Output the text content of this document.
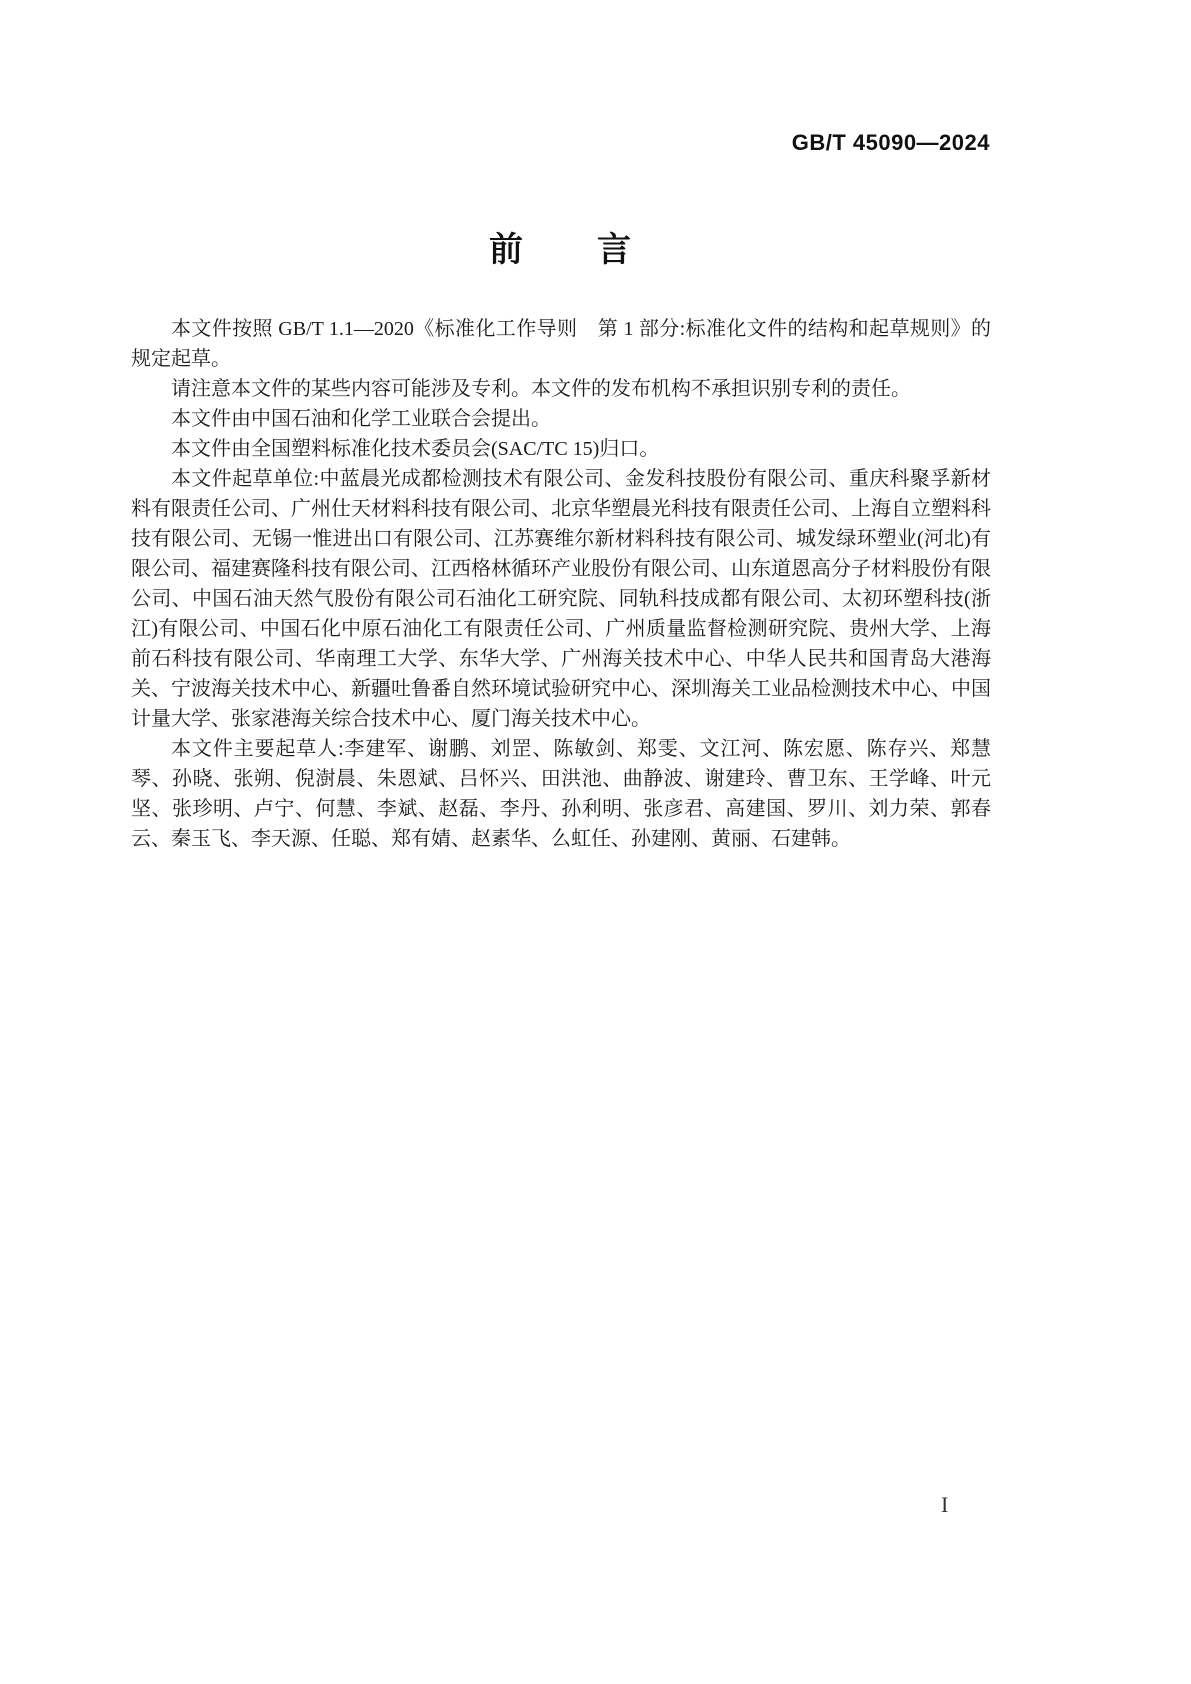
GB/T 45090—2024
前　　言

本文件按照 GB/T 1.1—2020《标准化工作导则　第 1 部分:标准化文件的结构和起草规则》的规定起草。

请注意本文件的某些内容可能涉及专利。本文件的发布机构不承担识别专利的责任。

本文件由中国石油和化学工业联合会提出。

本文件由全国塑料标准化技术委员会(SAC/TC 15)归口。

本文件起草单位:中蓝晨光成都检测技术有限公司、金发科技股份有限公司、重庆科聚孚新材料有限责任公司、广州仕天材料科技有限公司、北京华塑晨光科技有限责任公司、上海自立塑料科技有限公司、无锡一惟进出口有限公司、江苏赛维尔新材料科技有限公司、城发绿环塑业(河北)有限公司、福建赛隆科技有限公司、江西格林循环产业股份有限公司、山东道恩高分子材料股份有限公司、中国石油天然气股份有限公司石油化工研究院、同轨科技成都有限公司、太初环塑科技(浙江)有限公司、中国石化中原石油化工有限责任公司、广州质量监督检测研究院、贵州大学、上海前石科技有限公司、华南理工大学、东华大学、广州海关技术中心、中华人民共和国青岛大港海关、宁波海关技术中心、新疆吐鲁番自然环境试验研究中心、深圳海关工业品检测技术中心、中国计量大学、张家港海关综合技术中心、厦门海关技术中心。

本文件主要起草人:李建军、谢鹏、刘罡、陈敏剑、郑雯、文江河、陈宏愿、陈存兴、郑慧琴、孙晓、张朔、倪澍晨、朱恩斌、吕怀兴、田洪池、曲静波、谢建玲、曹卫东、王学峰、叶元坚、张珍明、卢宁、何慧、李斌、赵磊、李丹、孙利明、张彦君、高建国、罗川、刘力荣、郭春云、秦玉飞、李天源、任聪、郑有婧、赵素华、么虹任、孙建刚、黄丽、石建韩。

I
